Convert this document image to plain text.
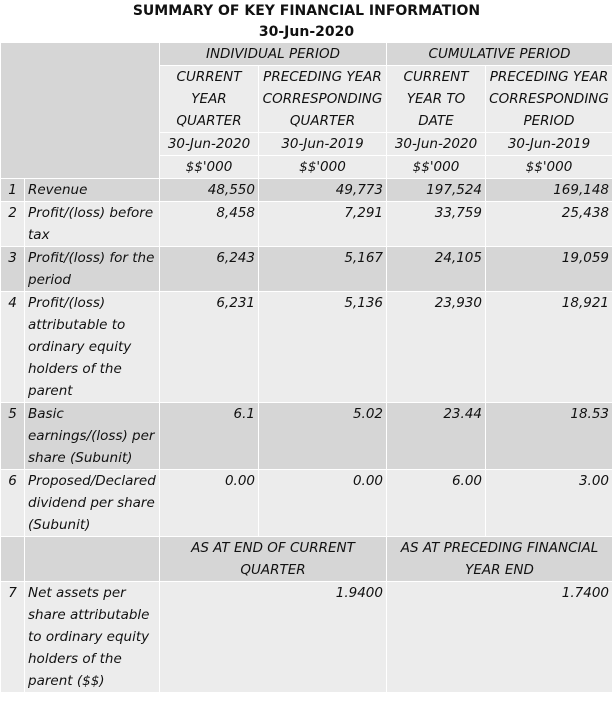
SUMMARY OF KEY FINANCIAL INFORMATION
30-Jun-2020
		INDIVIDUAL PERIOD		CUMULATIVE PERIOD	
		CURRENT YEAR QUARTER	PRECEDING YEAR CORRESPONDING QUARTER	CURRENT YEAR TO DATE	PRECEDING YEAR CORRESPONDING PERIOD
		30-Jun-2020	30-Jun-2019	30-Jun-2020	30-Jun-2019
		$$'000	$$'000	$$'000	$$'000
1	Revenue	48,550	49,773	197,524	169,148
2	Profit/(loss) before tax	8,458	7,291	33,759	25,438
3	Profit/(loss) for the period	6,243	5,167	24,105	19,059
4	Profit/(loss) attributable to ordinary equity holders of the parent	6,231	5,136	23,930	18,921
5	Basic earnings/(loss) per share (Subunit)	6.1	5.02	23.44	18.53
6	Proposed/Declared dividend per share (Subunit)	0.00	0.00	6.00	3.00
		AS AT END OF CURRENT QUARTER		AS AT PRECEDING FINANCIAL YEAR END	
7	Net assets per share attributable to ordinary equity holders of the parent ($$)	1.9400		1.7400	
